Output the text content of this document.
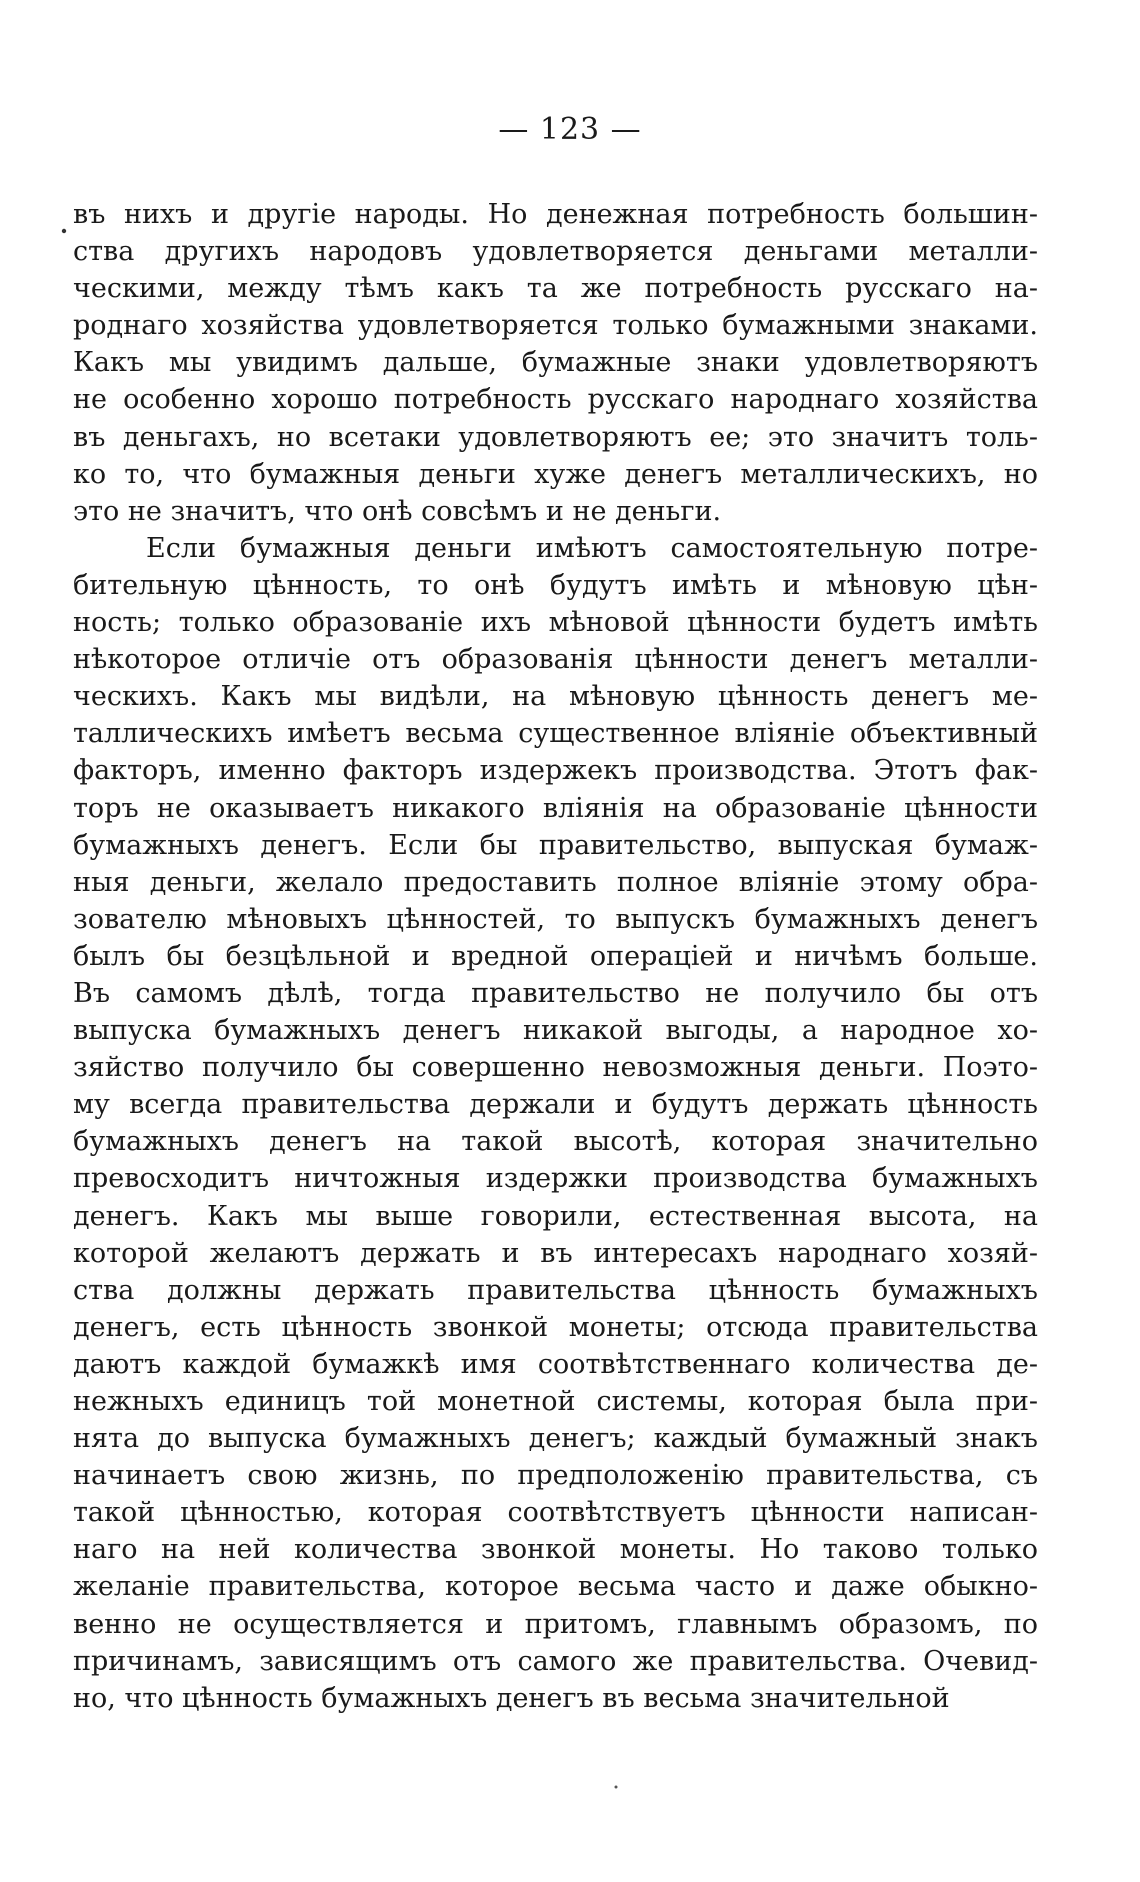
— 123 —
въ нихъ и другiе народы. Но денежная потребность большин-
ства другихъ народовъ удовлетворяется деньгами металли-
ческими, между тѣмъ какъ та же потребность русскаго на-
роднаго хозяйства удовлетворяется только бумажными знаками.
Какъ мы увидимъ дальше, бумажные знаки удовлетворяютъ
не особенно хорошо потребность русскаго народнаго хозяйства
въ деньгахъ, но всетаки удовлетворяютъ ее; это значитъ толь-
ко то, что бумажныя деньги хуже денегъ металлическихъ, но
это не значитъ, что онѣ совсѣмъ и не деньги.
Если бумажныя деньги имѣютъ самостоятельную потре-
бительную цѣнность, то онѣ будутъ имѣть и мѣновую цѣн-
ность; только образованiе ихъ мѣновой цѣнности будетъ имѣть
нѣкоторое отличiе отъ образованiя цѣнности денегъ металли-
ческихъ. Какъ мы видѣли, на мѣновую цѣнность денегъ ме-
таллическихъ имѣетъ весьма существенное влiянiе объективный
факторъ, именно факторъ издержекъ производства. Этотъ фак-
торъ не оказываетъ никакого влiянiя на образованiе цѣнности
бумажныхъ денегъ. Если бы правительство, выпуская бумаж-
ныя деньги, желало предоставить полное влiянiе этому обра-
зователю мѣновыхъ цѣнностей, то выпускъ бумажныхъ денегъ
былъ бы безцѣльной и вредной операцiей и ничѣмъ больше.
Въ самомъ дѣлѣ, тогда правительство не получило бы отъ
выпуска бумажныхъ денегъ никакой выгоды, а народное хо-
зяйство получило бы совершенно невозможныя деньги. Поэто-
му всегда правительства держали и будутъ держать цѣнность
бумажныхъ денегъ на такой высотѣ, которая значительно
превосходитъ ничтожныя издержки производства бумажныхъ
денегъ. Какъ мы выше говорили, естественная высота, на
которой желаютъ держать и въ интересахъ народнаго хозяй-
ства должны держать правительства цѣнность бумажныхъ
денегъ, есть цѣнность звонкой монеты; отсюда правительства
даютъ каждой бумажкѣ имя соотвѣтственнаго количества де-
нежныхъ единицъ той монетной системы, которая была при-
нята до выпуска бумажныхъ денегъ; каждый бумажный знакъ
начинаетъ свою жизнь, по предположенiю правительства, съ
такой цѣнностью, которая соотвѣтствуетъ цѣнности написан-
наго на ней количества звонкой монеты. Но таково только
желанiе правительства, которое весьма часто и даже обыкно-
венно не осуществляется и притомъ, главнымъ образомъ, по
причинамъ, зависящимъ отъ самого же правительства. Очевид-
но, что цѣнность бумажныхъ денегъ въ весьма значительной
